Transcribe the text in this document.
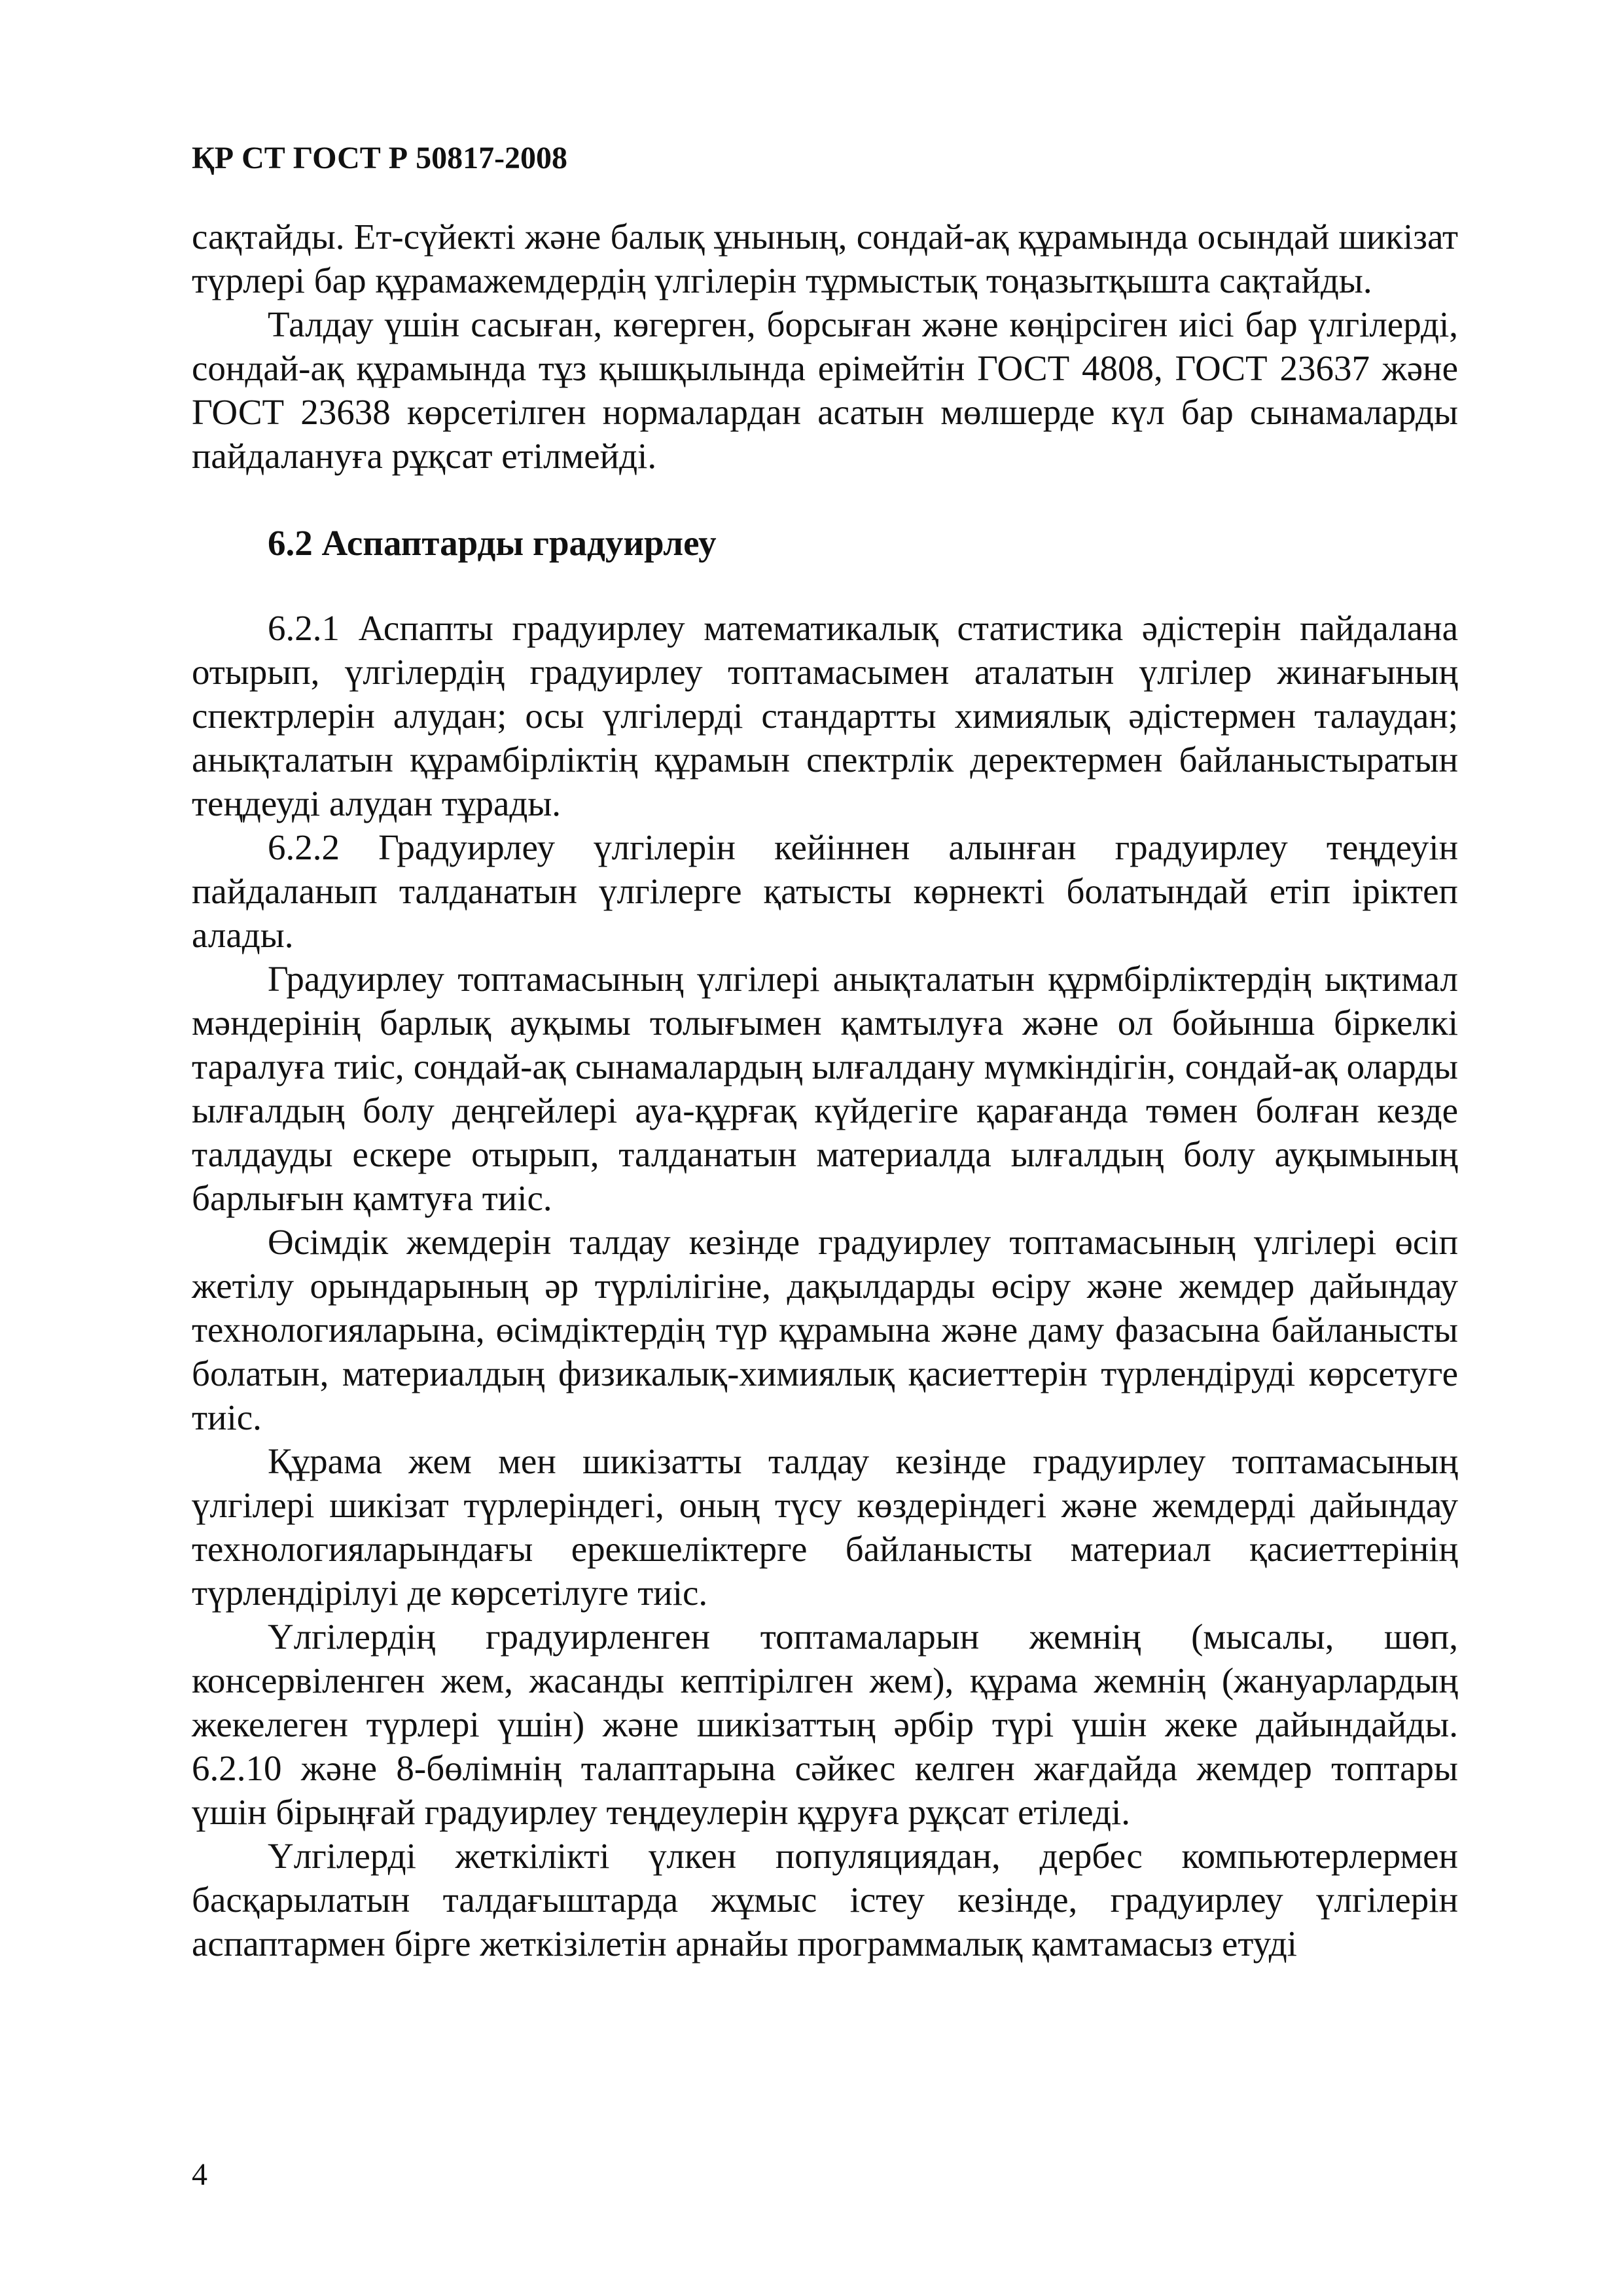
ҚР СТ ГОСТ Р 50817-2008

сақтайды. Ет-сүйекті және балық ұнының, сондай-ақ құрамында осындай шикізат түрлері бар құрамажемдердің үлгілерін тұрмыстық тоңазытқышта сақтайды.

Талдау үшін сасыған, көгерген, борсыған және көңірсіген иісі бар үлгілерді, сондай-ақ құрамында тұз қышқылында ерімейтін ГОСТ 4808, ГОСТ 23637 және ГОСТ 23638 көрсетілген нормалардан асатын мөлшерде күл бар сынамаларды пайдалануға рұқсат етілмейді.

6.2 Аспаптарды градуирлеу

6.2.1 Аспапты градуирлеу математикалық статистика әдістерін пайдалана отырып, үлгілердің градуирлеу топтамасымен аталатын үлгілер жинағының спектрлерін алудан; осы үлгілерді стандартты химиялық әдістермен талаудан; анықталатын құрамбірліктің құрамын спектрлік деректермен байланыстыратын теңдеуді алудан тұрады.

6.2.2 Градуирлеу үлгілерін кейіннен алынған градуирлеу теңдеуін пайдаланып талданатын үлгілерге қатысты көрнекті болатындай етіп іріктеп алады.

Градуирлеу топтамасының үлгілері анықталатын құрмбірліктердің ықтимал мәндерінің барлық ауқымы толығымен қамтылуға және ол бойынша біркелкі таралуға тиіс, сондай-ақ сынамалардың ылғалдану мүмкіндігін, сондай-ақ оларды ылғалдың болу деңгейлері ауа-құрғақ күйдегіге қарағанда төмен болған кезде талдауды ескере отырып, талданатын материалда ылғалдың болу ауқымының барлығын қамтуға тиіс.

Өсімдік жемдерін талдау кезінде градуирлеу топтамасының үлгілері өсіп жетілу орындарының әр түрлілігіне, дақылдарды өсіру және жемдер дайындау технологияларына, өсімдіктердің түр құрамына және даму фазасына байланысты болатын, материалдың физикалық-химиялық қасиеттерін түрлендіруді көрсетуге тиіс.

Құрама жем мен шикізатты талдау кезінде градуирлеу топтамасының үлгілері шикізат түрлеріндегі, оның түсу көздеріндегі және жемдерді дайындау технологияларындағы ерекшеліктерге байланысты материал қасиеттерінің түрлендірілуі де көрсетілуге тиіс.

Үлгілердің градуирленген топтамаларын жемнің (мысалы, шөп, консервіленген жем, жасанды кептірілген жем), құрама жемнің (жануарлардың жекелеген түрлері үшін) және шикізаттың әрбір түрі үшін жеке дайындайды. 6.2.10 және 8-бөлімнің талаптарына сәйкес келген жағдайда жемдер топтары үшін бірыңғай градуирлеу теңдеулерін құруға рұқсат етіледі.

Үлгілерді жеткілікті үлкен популяциядан, дербес компьютерлермен басқарылатын талдағыштарда жұмыс істеу кезінде, градуирлеу үлгілерін аспаптармен бірге жеткізілетін арнайы программалық қамтамасыз етуді

4
